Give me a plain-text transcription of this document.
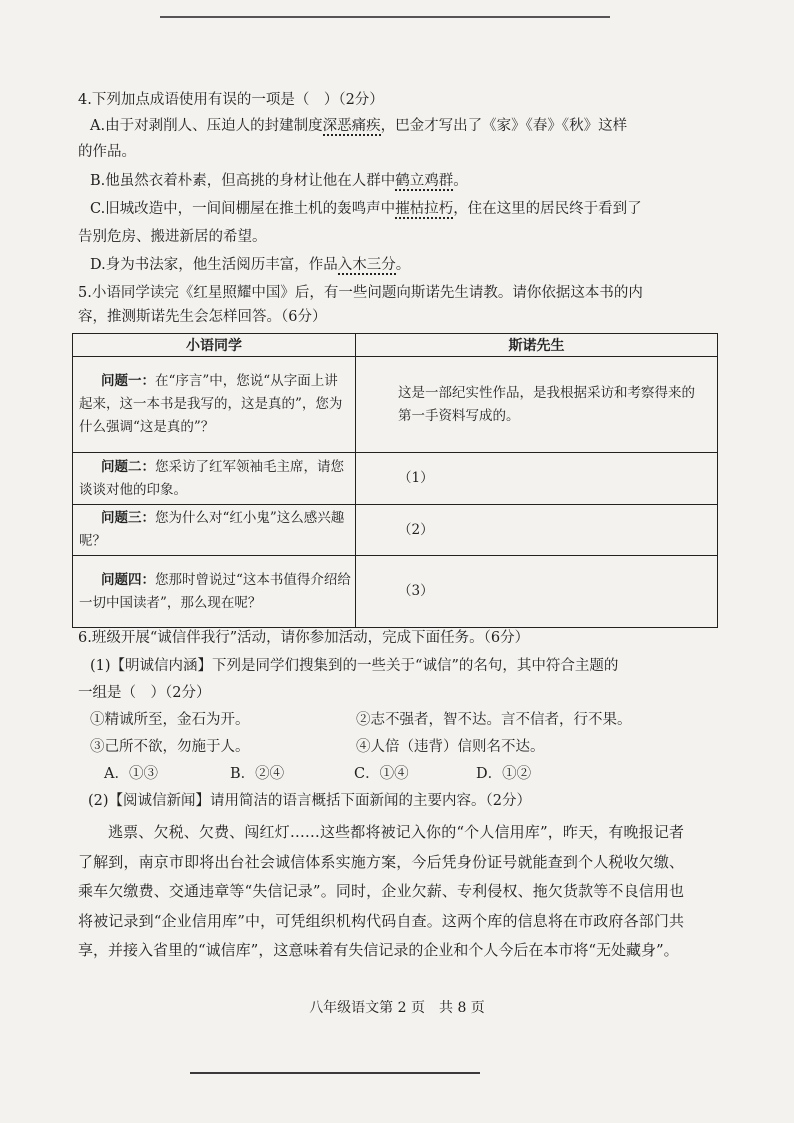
4.下列加点成语使用有误的一项是（　）（2分）
A.由于对剥削人、压迫人的封建制度深恶痛疾，巴金才写出了《家》《春》《秋》这样
的作品。
B.他虽然衣着朴素，但高挑的身材让他在人群中鹤立鸡群。
C.旧城改造中，一间间棚屋在推土机的轰鸣声中摧枯拉朽，住在这里的居民终于看到了
告别危房、搬进新居的希望。
D.身为书法家，他生活阅历丰富，作品入木三分。
5.小语同学读完《红星照耀中国》后，有一些问题向斯诺先生请教。请你依据这本书的内
容，推测斯诺先生会怎样回答。（6分）
小语同学	斯诺先生
问题一：在“序言”中，您说“从字面上讲起来，这一本书是我写的，这是真的”，您为什么强调“这是真的”？	这是一部纪实性作品，是我根据采访和考察得来的第一手资料写成的。
问题二：您采访了红军领袖毛主席，请您谈谈对他的印象。	（1）
问题三：您为什么对“红小鬼”这么感兴趣呢？	（2）
问题四：您那时曾说过“这本书值得介绍给一切中国读者”，那么现在呢？	（3）
6.班级开展“诚信伴我行”活动，请你参加活动，完成下面任务。（6分）
(1)【明诚信内涵】下列是同学们搜集到的一些关于“诚信”的名句，其中符合主题的
一组是（　）（2分）
①精诚所至，金石为开。	②志不强者，智不达。言不信者，行不果。
③己所不欲，勿施于人。	④人倍（违背）信则名不达。
A．①③	B．②④	C．①④	D．①②
(2)【阅诚信新闻】请用简洁的语言概括下面新闻的主要内容。（2分）
逃票、欠税、欠费、闯红灯……这些都将被记入你的“个人信用库”，昨天，有晚报记者了解到，南京市即将出台社会诚信体系实施方案，今后凭身份证号就能查到个人税收欠缴、乘车欠缴费、交通违章等“失信记录”。同时，企业欠薪、专利侵权、拖欠货款等不良信用也将被记录到“企业信用库”中，可凭组织机构代码自查。这两个库的信息将在市政府各部门共享，并接入省里的“诚信库”，这意味着有失信记录的企业和个人今后在本市将“无处藏身”。
八年级语文第 2 页　共 8 页
